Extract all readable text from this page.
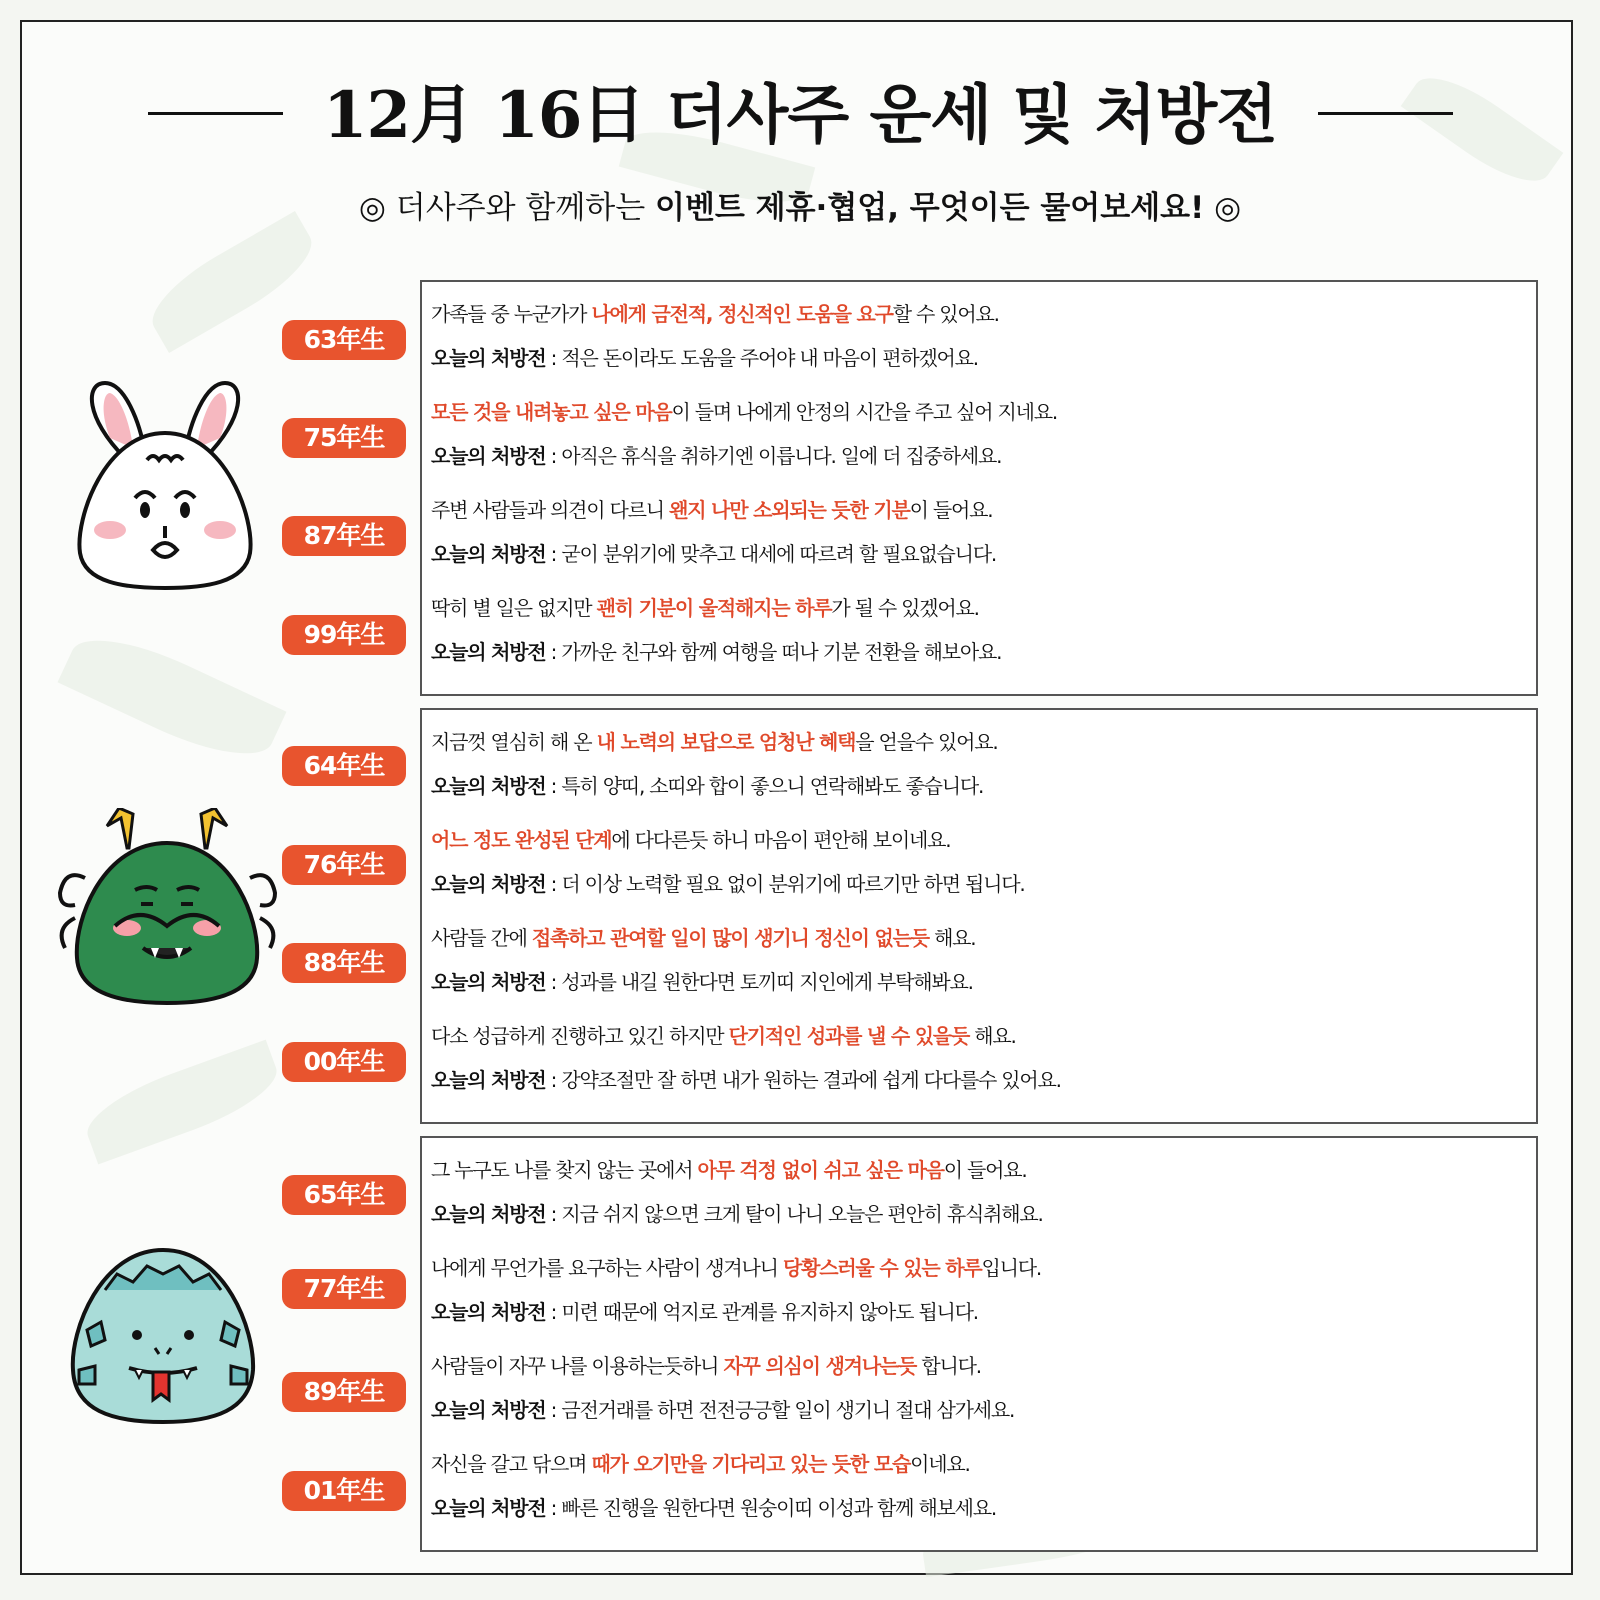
12月 16日 더사주 운세 및 처방전
◎ 더사주와 함께하는 이벤트 제휴·협업, 무엇이든 물어보세요! ◎
63年生
75年生
87年生
99年生
64年生
76年生
88年生
00年生
65年生
77年生
89年生
01年生
가족들 중 누군가가 나에게 금전적, 정신적인 도움을 요구할 수 있어요.
오늘의 처방전 : 적은 돈이라도 도움을 주어야 내 마음이 편하겠어요.
모든 것을 내려놓고 싶은 마음이 들며 나에게 안정의 시간을 주고 싶어 지네요.
오늘의 처방전 : 아직은 휴식을 취하기엔 이릅니다. 일에 더 집중하세요.
주변 사람들과 의견이 다르니 왠지 나만 소외되는 듯한 기분이 들어요.
오늘의 처방전 : 굳이 분위기에 맞추고 대세에 따르려 할 필요없습니다.
딱히 별 일은 없지만 괜히 기분이 울적해지는 하루가 될 수 있겠어요.
오늘의 처방전 : 가까운 친구와 함께 여행을 떠나 기분 전환을 해보아요.
지금껏 열심히 해 온 내 노력의 보답으로 엄청난 혜택을 얻을수 있어요.
오늘의 처방전 : 특히 양띠, 소띠와 합이 좋으니 연락해봐도 좋습니다.
어느 정도 완성된 단계에 다다른듯 하니 마음이 편안해 보이네요.
오늘의 처방전 : 더 이상 노력할 필요 없이 분위기에 따르기만 하면 됩니다.
사람들 간에 접촉하고 관여할 일이 많이 생기니 정신이 없는듯 해요.
오늘의 처방전 : 성과를 내길 원한다면 토끼띠 지인에게 부탁해봐요.
다소 성급하게 진행하고 있긴 하지만 단기적인 성과를 낼 수 있을듯 해요.
오늘의 처방전 : 강약조절만 잘 하면 내가 원하는 결과에 쉽게 다다를수 있어요.
그 누구도 나를 찾지 않는 곳에서 아무 걱정 없이 쉬고 싶은 마음이 들어요.
오늘의 처방전 : 지금 쉬지 않으면 크게 탈이 나니 오늘은 편안히 휴식취해요.
나에게 무언가를 요구하는 사람이 생겨나니 당황스러울 수 있는 하루입니다.
오늘의 처방전 : 미련 때문에 억지로 관계를 유지하지 않아도 됩니다.
사람들이 자꾸 나를 이용하는듯하니 자꾸 의심이 생겨나는듯 합니다.
오늘의 처방전 : 금전거래를 하면 전전긍긍할 일이 생기니 절대 삼가세요.
자신을 갈고 닦으며 때가 오기만을 기다리고 있는 듯한 모습이네요.
오늘의 처방전 : 빠른 진행을 원한다면 원숭이띠 이성과 함께 해보세요.
